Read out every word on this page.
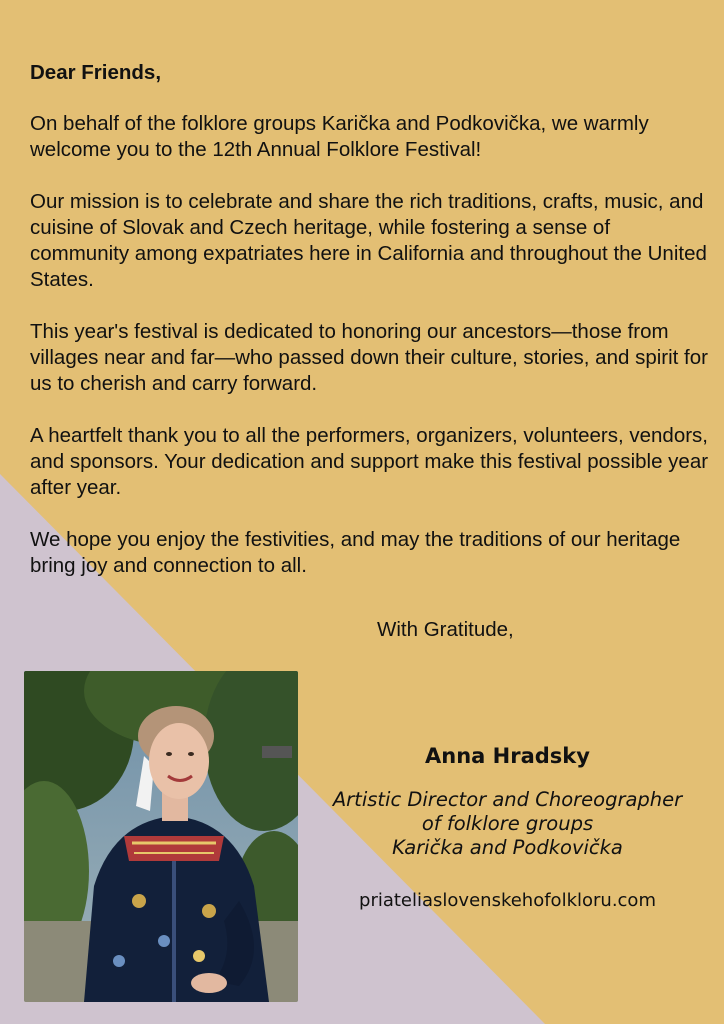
Dear Friends,

On behalf of the folklore groups Karička and Podkovička, we warmly welcome you to the 12th Annual Folklore Festival!

Our mission is to celebrate and share the rich traditions, crafts, music, and cuisine of Slovak and Czech heritage, while fostering a sense of community among expatriates here in California and throughout the United States.

This year's festival is dedicated to honoring our ancestors—those from villages near and far—who passed down their culture, stories, and spirit for us to cherish and carry forward.

A heartfelt thank you to all the performers, organizers, volunteers, vendors, and sponsors. Your dedication and support make this festival possible year after year.

We hope you enjoy the festivities, and may the traditions of our heritage bring joy and connection to all.

With Gratitude,
Anna Hradsky
Artistic Director and Choreographer
of folklore groups
Karička and Podkovička
priateliaslovenskehofolkloru.com
